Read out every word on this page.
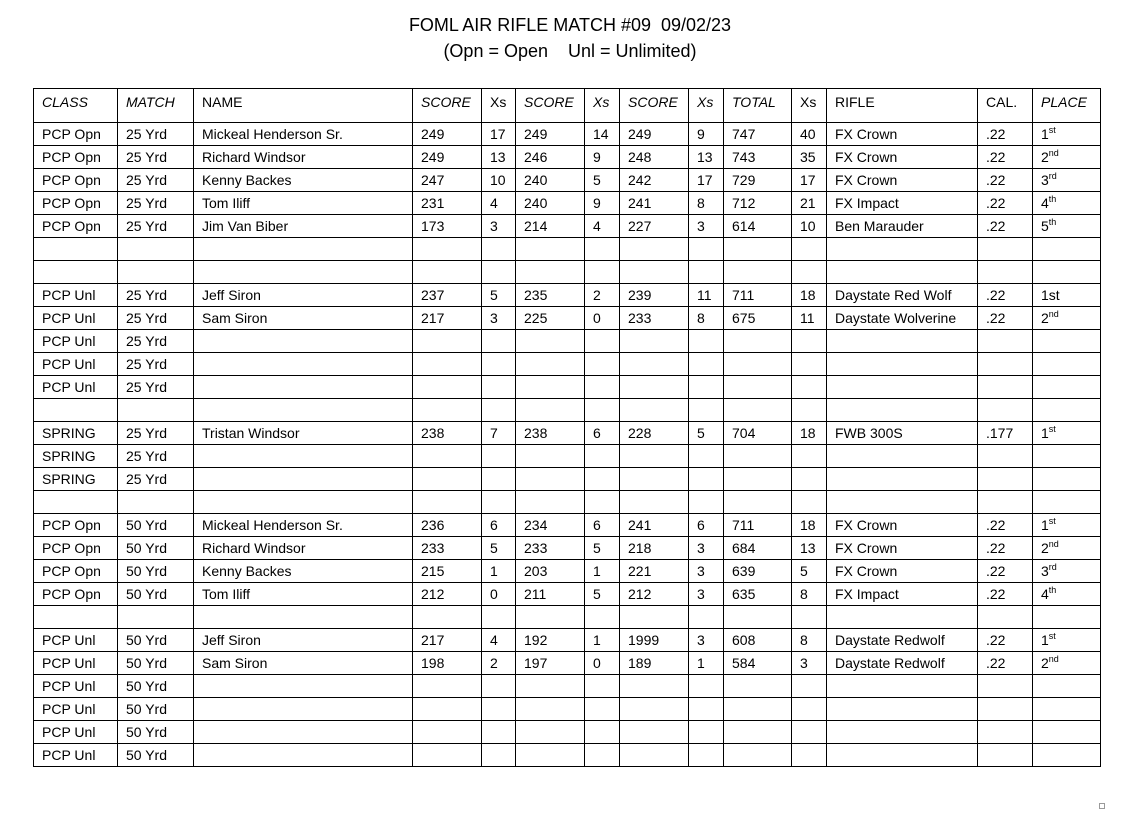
FOML AIR RIFLE MATCH #09  09/02/23
(Opn = Open    Unl = Unlimited)
CLASS	MATCH	NAME	SCORE	Xs	SCORE	Xs	SCORE	Xs	TOTAL	Xs	RIFLE	CAL.	PLACE
PCP Opn	25 Yrd	Mickeal Henderson Sr.	249	17	249	14	249	9	747	40	FX Crown	.22	1st
PCP Opn	25 Yrd	Richard Windsor	249	13	246	9	248	13	743	35	FX Crown	.22	2nd
PCP Opn	25 Yrd	Kenny Backes	247	10	240	5	242	17	729	17	FX Crown	.22	3rd
PCP Opn	25 Yrd	Tom Iliff	231	4	240	9	241	8	712	21	FX Impact	.22	4th
PCP Opn	25 Yrd	Jim Van Biber	173	3	214	4	227	3	614	10	Ben Marauder	.22	5th

PCP Unl	25 Yrd	Jeff Siron	237	5	235	2	239	11	711	18	Daystate Red Wolf	.22	1st
PCP Unl	25 Yrd	Sam Siron	217	3	225	0	233	8	675	11	Daystate Wolverine	.22	2nd
PCP Unl	25 Yrd												
PCP Unl	25 Yrd												
PCP Unl	25 Yrd												

SPRING	25 Yrd	Tristan Windsor	238	7	238	6	228	5	704	18	FWB 300S	.177	1st
SPRING	25 Yrd												
SPRING	25 Yrd												

PCP Opn	50 Yrd	Mickeal Henderson Sr.	236	6	234	6	241	6	711	18	FX Crown	.22	1st
PCP Opn	50 Yrd	Richard Windsor	233	5	233	5	218	3	684	13	FX Crown	.22	2nd
PCP Opn	50 Yrd	Kenny Backes	215	1	203	1	221	3	639	5	FX Crown	.22	3rd
PCP Opn	50 Yrd	Tom Iliff	212	0	211	5	212	3	635	8	FX Impact	.22	4th

PCP Unl	50 Yrd	Jeff Siron	217	4	192	1	1999	3	608	8	Daystate Redwolf	.22	1st
PCP Unl	50 Yrd	Sam Siron	198	2	197	0	189	1	584	3	Daystate Redwolf	.22	2nd
PCP Unl	50 Yrd												
PCP Unl	50 Yrd												
PCP Unl	50 Yrd												
PCP Unl	50 Yrd												
